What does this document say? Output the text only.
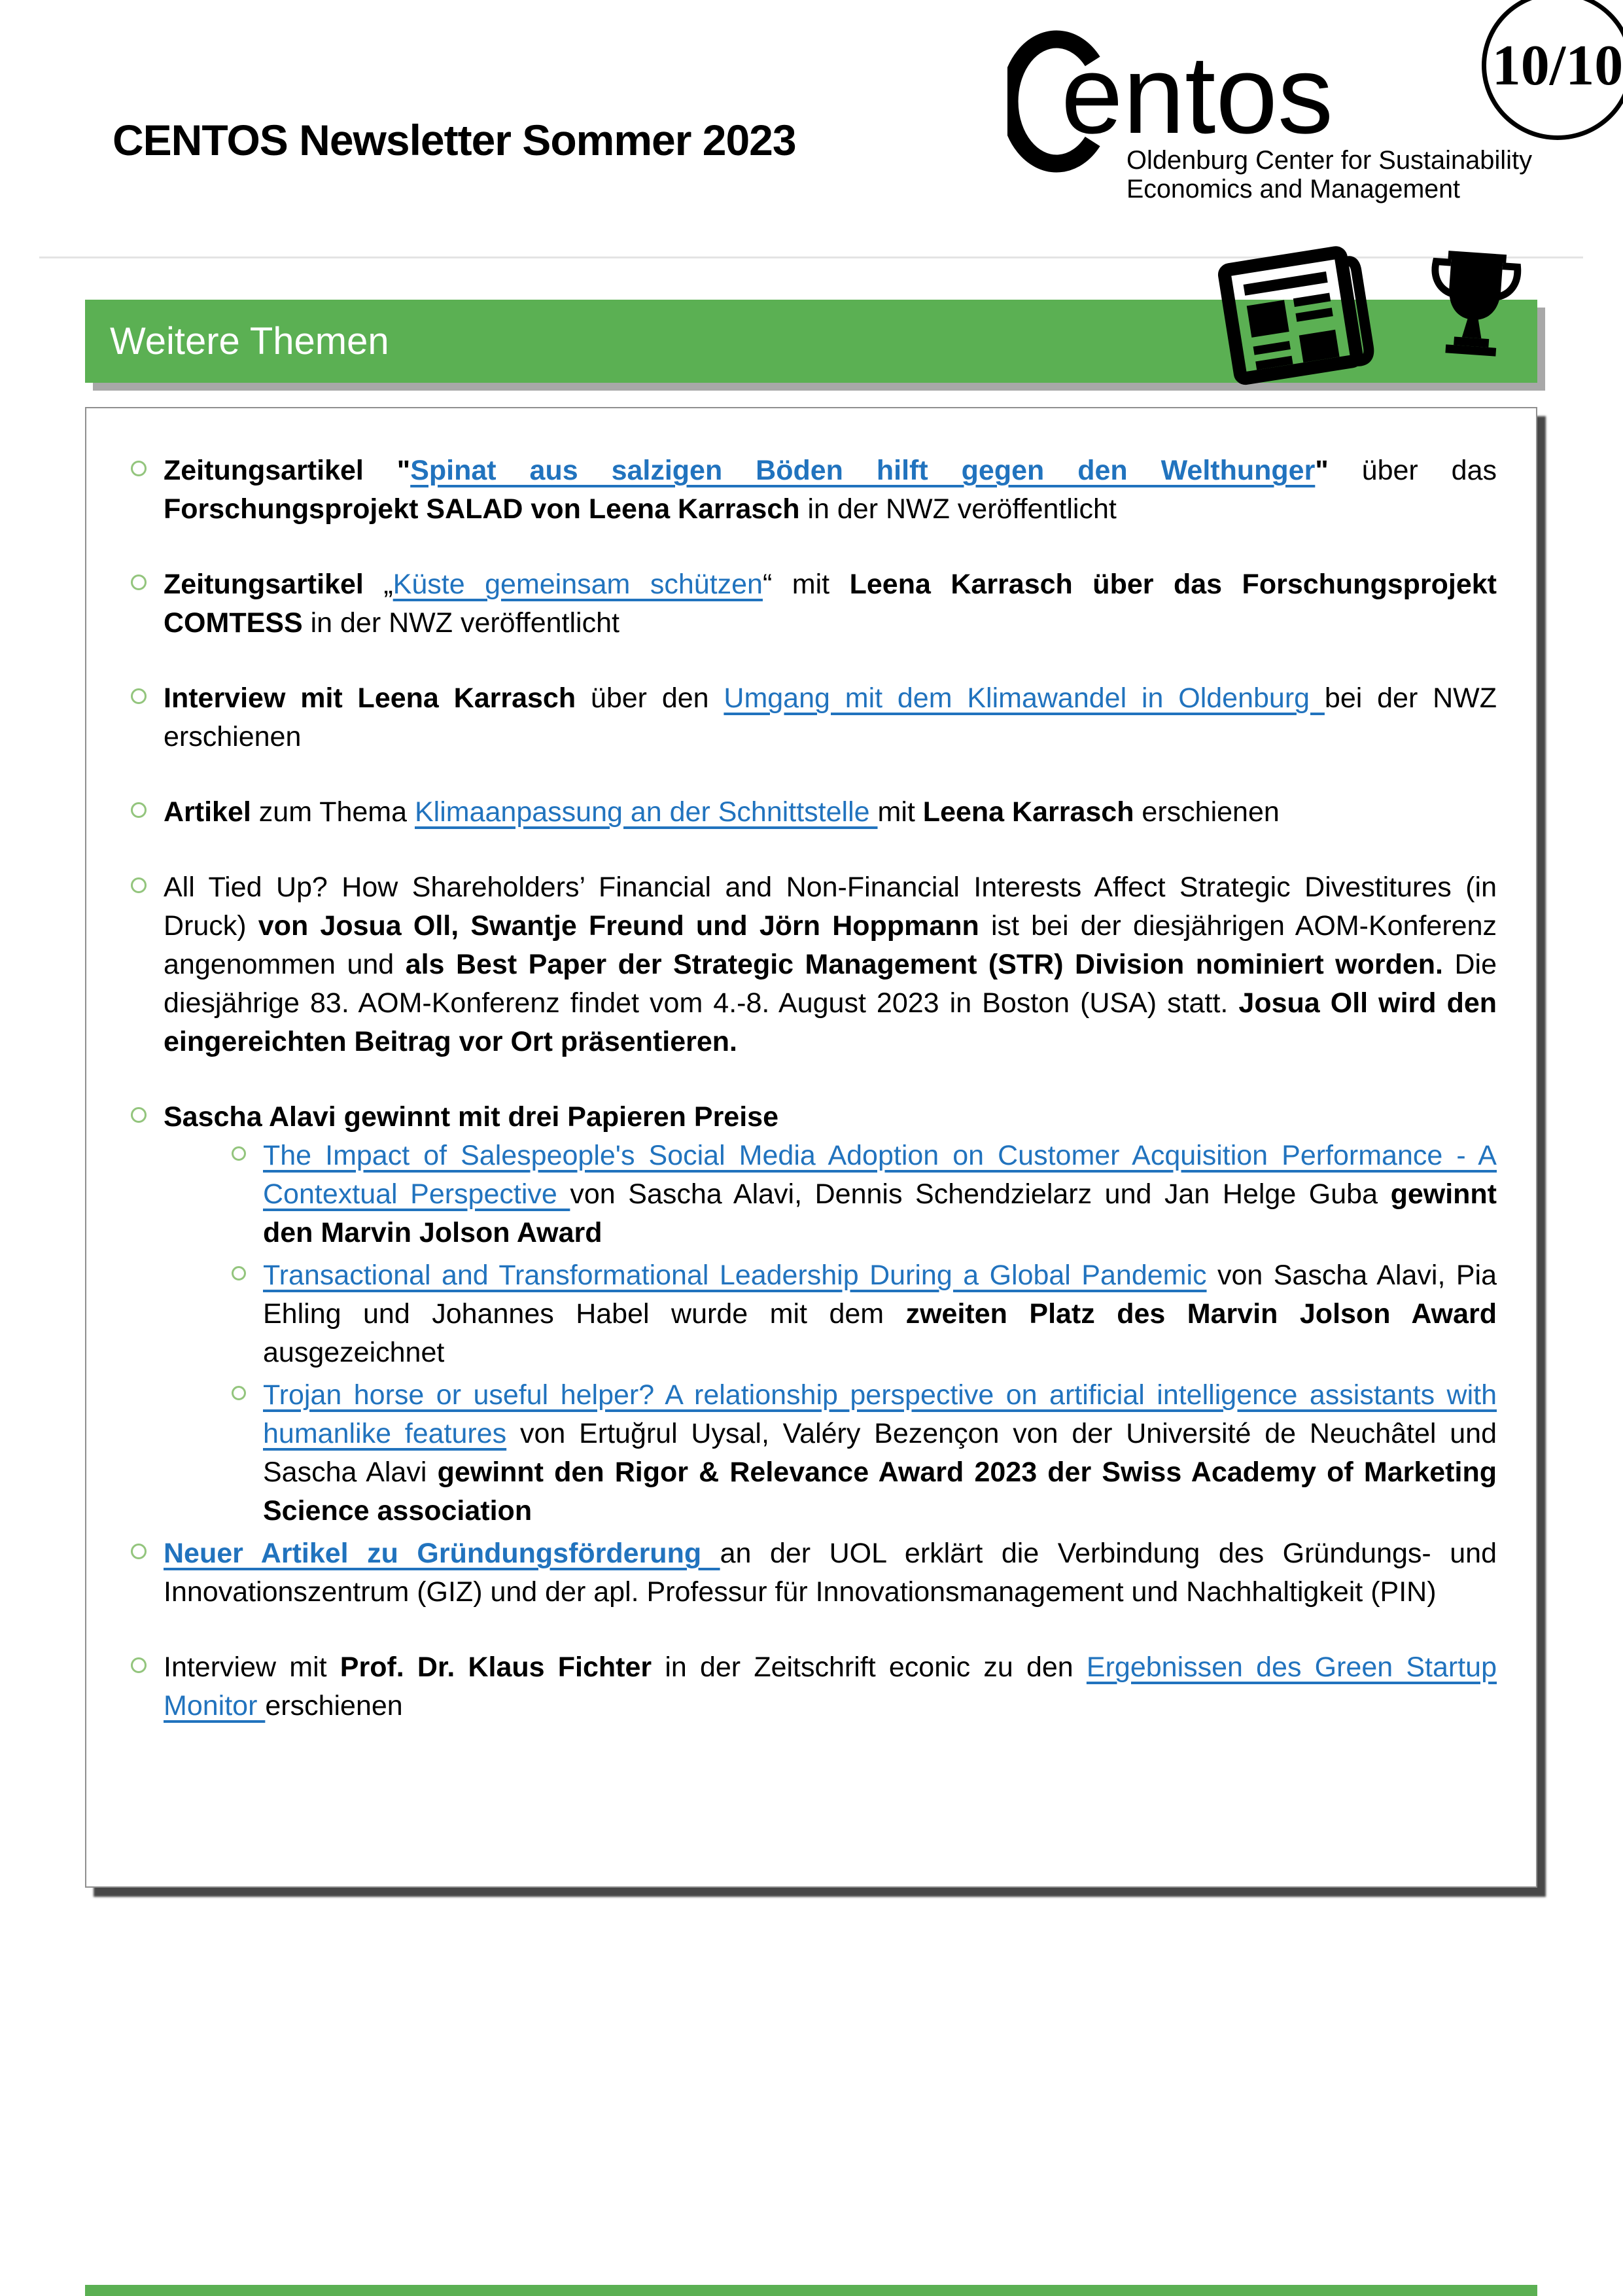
CENTOS Newsletter Sommer 2023 entos
Oldenburg Center for Sustainability
Economics and Management
10/10
Weitere Themen
Zeitungsartikel "Spinat aus salzigen Böden hilft gegen den Welthunger" über das Forschungsprojekt SALAD von Leena Karrasch in der NWZ veröffentlicht
Zeitungsartikel „Küste gemeinsam schützen“ mit Leena Karrasch über das Forschungsprojekt COMTESS in der NWZ veröffentlicht
Interview mit Leena Karrasch über den Umgang mit dem Klimawandel in Oldenburg bei der NWZ erschienen
Artikel zum Thema Klimaanpassung an der Schnittstelle mit Leena Karrasch erschienen
All Tied Up? How Shareholders’ Financial and Non-Financial Interests Affect Strategic Divestitures (in Druck) von Josua Oll, Swantje Freund und Jörn Hoppmann ist bei der diesjährigen AOM-Konferenz angenommen und als Best Paper der Strategic Management (STR) Division nominiert worden. Die diesjährige 83. AOM-Konferenz findet vom 4.-8. August 2023 in Boston (USA) statt. Josua Oll wird den eingereichten Beitrag vor Ort präsentieren.
Sascha Alavi gewinnt mit drei Papieren Preise
The Impact of Salespeople's Social Media Adoption on Customer Acquisition Performance - A Contextual Perspective von Sascha Alavi, Dennis Schendzielarz und Jan Helge Guba gewinnt den Marvin Jolson Award
Transactional and Transformational Leadership During a Global Pandemic von Sascha Alavi, Pia Ehling und Johannes Habel wurde mit dem zweiten Platz des Marvin Jolson Award ausgezeichnet
Trojan horse or useful helper? A relationship perspective on artificial intelligence assistants with humanlike features von Ertuğrul Uysal, Valéry Bezençon von der Université de Neuchâtel und Sascha Alavi gewinnt den Rigor & Relevance Award 2023 der Swiss Academy of Marketing Science association
Neuer Artikel zu Gründungsförderung an der UOL erklärt die Verbindung des Gründungs- und Innovationszentrum (GIZ) und der apl. Professur für Innovationsmanagement und Nachhaltigkeit (PIN)
Interview mit Prof. Dr. Klaus Fichter in der Zeitschrift econic zu den Ergebnissen des Green Startup Monitor erschienen
